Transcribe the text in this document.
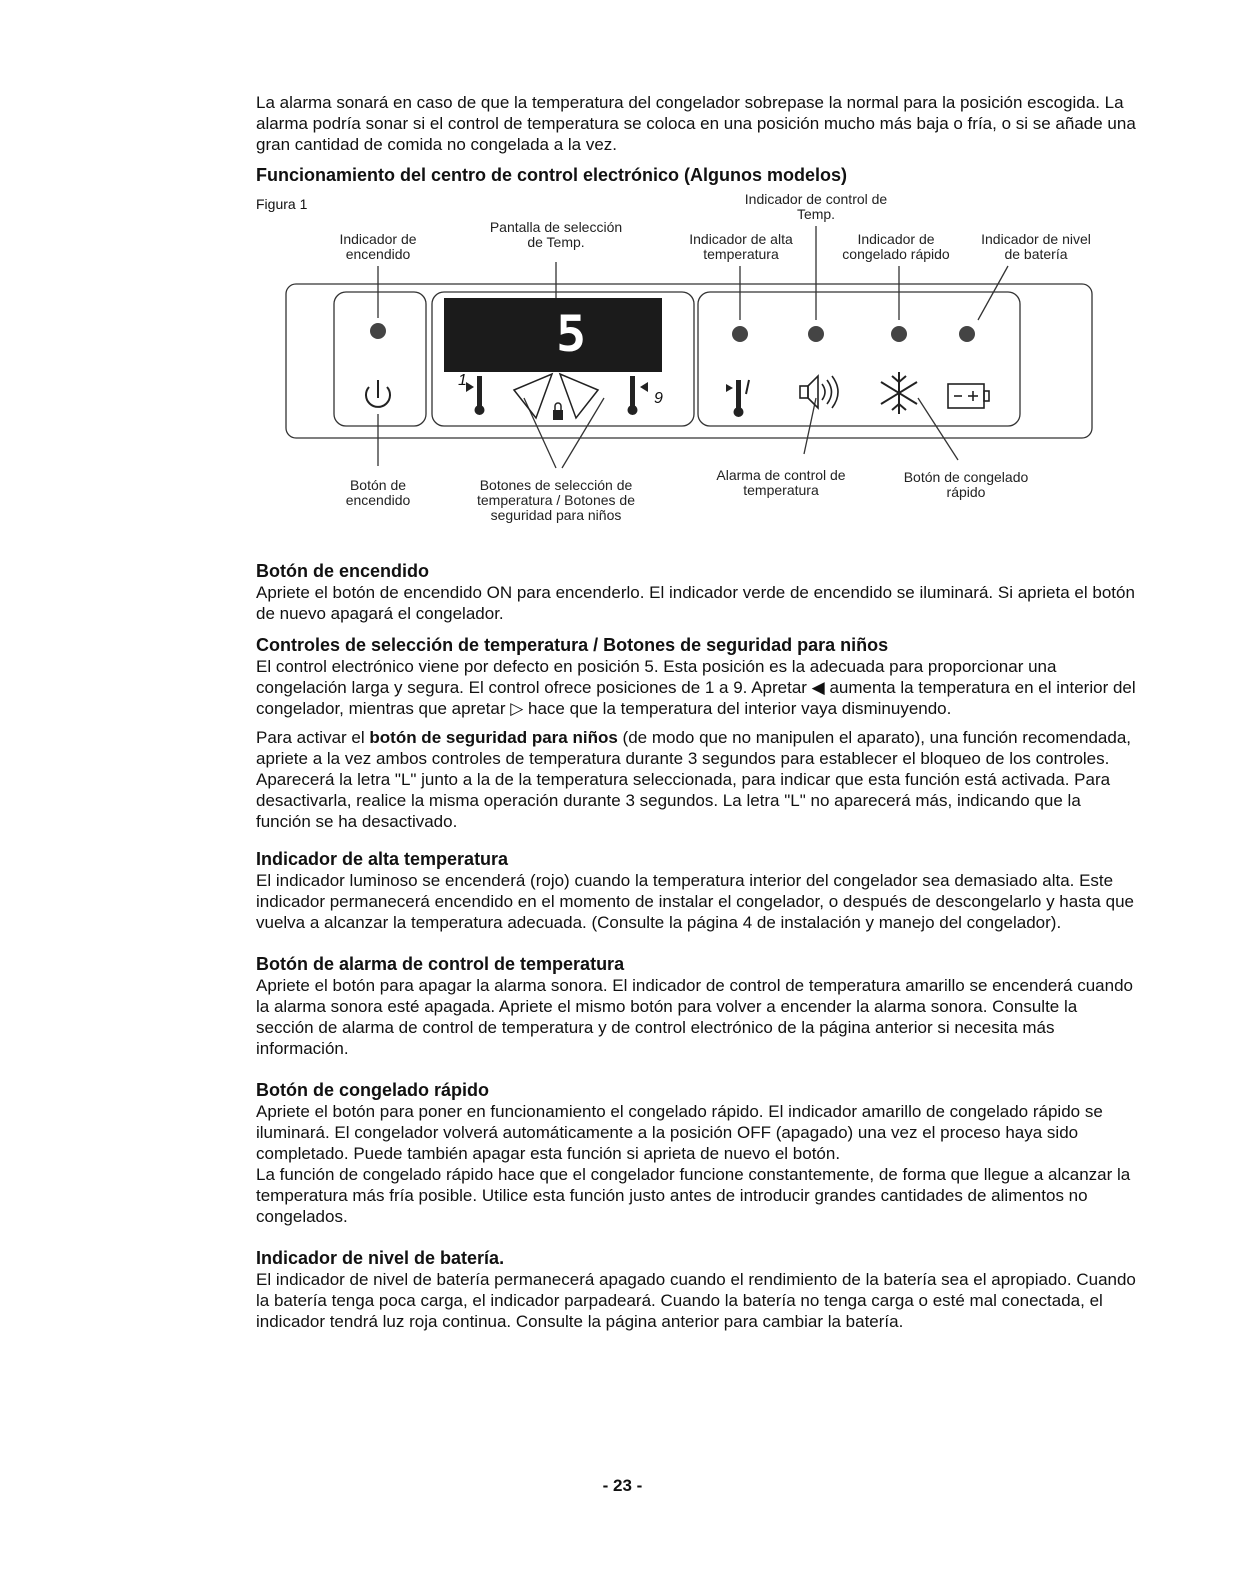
La alarma sonará en caso de que la temperatura del congelador sobrepase la normal para la posición escogida. La alarma podría sonar si el control de temperatura se coloca en una posición mucho más baja o fría, o si se añade una gran cantidad de comida no congelada a la vez.

Funcionamiento del centro de control electrónico (Algunos modelos)
Figura 1
Indicador de
encendido
Pantalla de selección
de Temp.	Indicador de alta
temperatura
Indicador de control de
Temp.
Indicador de
congelado rápido
Indicador de nivel
de batería
5
1
9
Botón de
encendido
Botones de selección de
temperatura / Botones de
seguridad para niños
Alarma de control de
temperatura
Botón de congelado
rápido
Botón de encendido

Apriete el botón de encendido ON para encenderlo. El indicador verde de encendido se iluminará. Si aprieta el botón de nuevo apagará el congelador.

Controles de selección de temperatura / Botones de seguridad para niños

El control electrónico viene por defecto en posición 5. Esta posición es la adecuada para proporcionar una congelación larga y segura. El control ofrece posiciones de 1 a 9. Apretar ◀ aumenta la temperatura en el interior del congelador, mientras que apretar ▷ hace que la temperatura del interior vaya disminuyendo.

Para activar el botón de seguridad para niños (de modo que no manipulen el aparato), una función recomendada, apriete a la vez ambos controles de temperatura durante 3 segundos para establecer el bloqueo de los controles. Aparecerá la letra "L" junto a la de la temperatura seleccionada, para indicar que esta función está activada. Para desactivarla, realice la misma operación durante 3 segundos. La letra "L" no aparecerá más, indicando que la función se ha desactivado.

Indicador de alta temperatura

El indicador luminoso se encenderá (rojo) cuando la temperatura interior del congelador sea demasiado alta. Este indicador permanecerá encendido en el momento de instalar el congelador, o después de descongelarlo y hasta que vuelva a alcanzar la temperatura adecuada. (Consulte la página 4 de instalación y manejo del congelador).

Botón de alarma de control de temperatura

Apriete el botón para apagar la alarma sonora. El indicador de control de temperatura amarillo se encenderá cuando la alarma sonora esté apagada. Apriete el mismo botón para volver a encender la alarma sonora. Consulte la sección de alarma de control de temperatura y de control electrónico de la página anterior si necesita más información.

Botón de congelado rápido

Apriete el botón para poner en funcionamiento el congelado rápido. El indicador amarillo de congelado rápido se iluminará. El congelador volverá automáticamente a la posición OFF (apagado) una vez el proceso haya sido completado. Puede también apagar esta función si aprieta de nuevo el botón.

La función de congelado rápido hace que el congelador funcione constantemente, de forma que llegue a alcanzar la temperatura más fría posible. Utilice esta función justo antes de introducir grandes cantidades de alimentos no congelados.

Indicador de nivel de batería.

El indicador de nivel de batería permanecerá apagado cuando el rendimiento de la batería sea el apropiado. Cuando la batería tenga poca carga, el indicador parpadeará. Cuando la batería no tenga carga o esté mal conectada, el indicador tendrá luz roja continua. Consulte la página anterior para cambiar la batería.

- 23 -
